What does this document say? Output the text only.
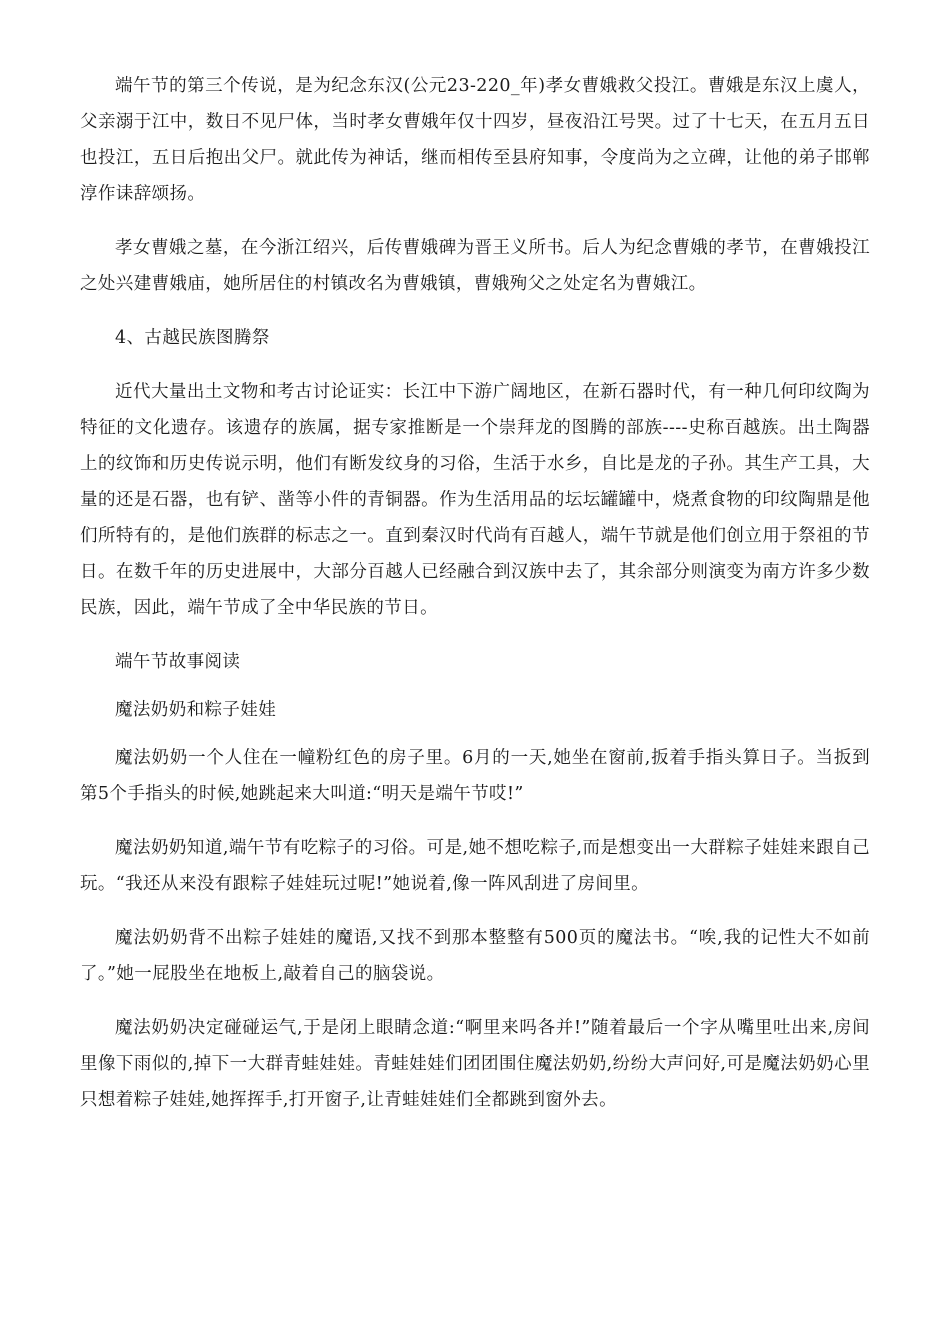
端午节的第三个传说，是为纪念东汉(公元23-220_年)孝女曹娥救父投江。曹娥是东汉上虞人，父亲溺于江中，数日不见尸体，当时孝女曹娥年仅十四岁，昼夜沿江号哭。过了十七天，在五月五日也投江，五日后抱出父尸。就此传为神话，继而相传至县府知事，令度尚为之立碑，让他的弟子邯郸淳作诔辞颂扬。

孝女曹娥之墓，在今浙江绍兴，后传曹娥碑为晋王义所书。后人为纪念曹娥的孝节，在曹娥投江之处兴建曹娥庙，她所居住的村镇改名为曹娥镇，曹娥殉父之处定名为曹娥江。

4、古越民族图腾祭

近代大量出土文物和考古讨论证实：长江中下游广阔地区，在新石器时代，有一种几何印纹陶为特征的文化遗存。该遗存的族属，据专家推断是一个崇拜龙的图腾的部族----史称百越族。出土陶器上的纹饰和历史传说示明，他们有断发纹身的习俗，生活于水乡，自比是龙的子孙。其生产工具，大量的还是石器，也有铲、凿等小件的青铜器。作为生活用品的坛坛罐罐中，烧煮食物的印纹陶鼎是他们所特有的，是他们族群的标志之一。直到秦汉时代尚有百越人，端午节就是他们创立用于祭祖的节日。在数千年的历史进展中，大部分百越人已经融合到汉族中去了，其余部分则演变为南方许多少数民族，因此，端午节成了全中华民族的节日。

端午节故事阅读

魔法奶奶和粽子娃娃

魔法奶奶一个人住在一幢粉红色的房子里。6月的一天,她坐在窗前,扳着手指头算日子。当扳到第5个手指头的时候,她跳起来大叫道:“明天是端午节哎!”

魔法奶奶知道,端午节有吃粽子的习俗。可是,她不想吃粽子,而是想变出一大群粽子娃娃来跟自己玩。“我还从来没有跟粽子娃娃玩过呢!”她说着,像一阵风刮进了房间里。

魔法奶奶背不出粽子娃娃的魔语,又找不到那本整整有500页的魔法书。“唉,我的记性大不如前了。”她一屁股坐在地板上,敲着自己的脑袋说。

魔法奶奶决定碰碰运气,于是闭上眼睛念道:“啊里来吗各并!”随着最后一个字从嘴里吐出来,房间里像下雨似的,掉下一大群青蛙娃娃。青蛙娃娃们团团围住魔法奶奶,纷纷大声问好,可是魔法奶奶心里只想着粽子娃娃,她挥挥手,打开窗子,让青蛙娃娃们全都跳到窗外去。
